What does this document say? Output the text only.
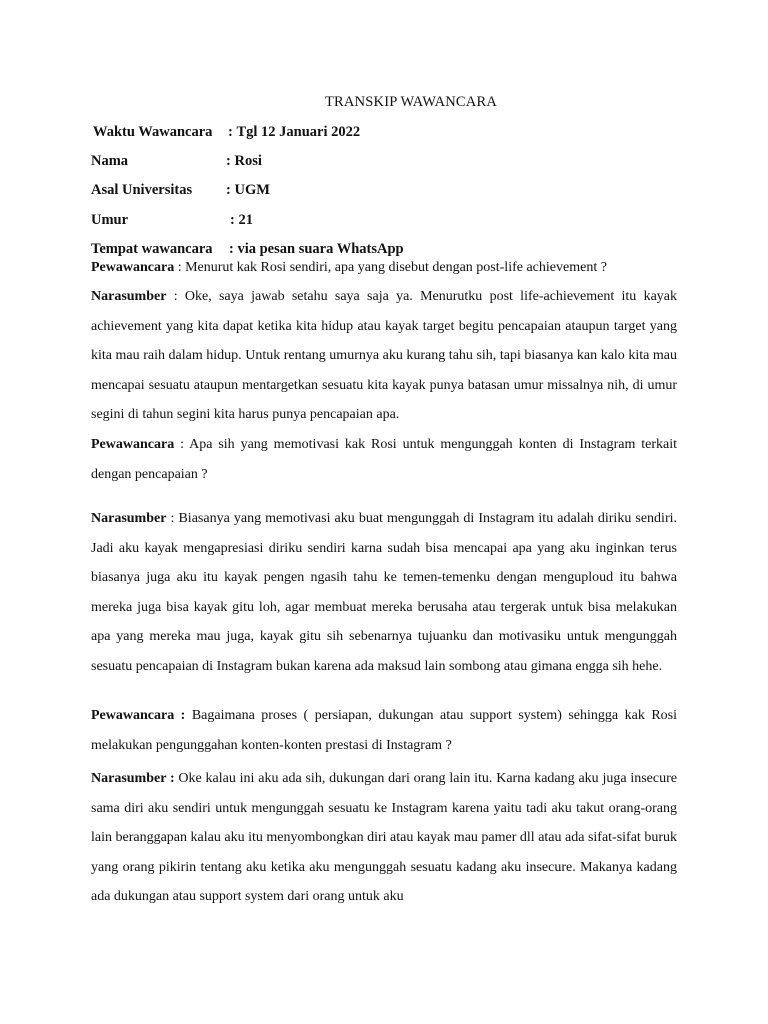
TRANSKIP WAWANCARA
Waktu Wawancara : Tgl 12 Januari 2022
Nama	: Rosi
Asal Universitas : UGM
Umur	: 21
Tempat wawancara : via pesan suara WhatsApp

Pewawancara : Menurut kak Rosi sendiri, apa yang disebut dengan post-life achievement ?

Narasumber : Oke, saya jawab setahu saya saja ya. Menurutku post life-achievement itu kayak achievement yang kita dapat ketika kita hidup atau kayak target begitu pencapaian ataupun target yang kita mau raih dalam hidup. Untuk rentang umurnya aku kurang tahu sih, tapi biasanya kan kalo kita mau mencapai sesuatu ataupun mentargetkan sesuatu kita kayak punya batasan umur missalnya nih, di umur segini di tahun segini kita harus punya pencapaian apa.

Pewawancara : Apa sih yang memotivasi kak Rosi untuk mengunggah konten di Instagram terkait dengan pencapaian ?

Narasumber : Biasanya yang memotivasi aku buat mengunggah di Instagram itu adalah diriku sendiri. Jadi aku kayak mengapresiasi diriku sendiri karna sudah bisa mencapai apa yang aku inginkan terus biasanya juga aku itu kayak pengen ngasih tahu ke temen-temenku dengan menguploud itu bahwa mereka juga bisa kayak gitu loh, agar membuat mereka berusaha atau tergerak untuk bisa melakukan apa yang mereka mau juga, kayak gitu sih sebenarnya tujuanku dan motivasiku untuk mengunggah sesuatu pencapaian di Instagram bukan karena ada maksud lain sombong atau gimana engga sih hehe.

Pewawancara : Bagaimana proses ( persiapan, dukungan atau support system) sehingga kak Rosi melakukan pengunggahan konten-konten prestasi di Instagram ?

Narasumber : Oke kalau ini aku ada sih, dukungan dari orang lain itu. Karna kadang aku juga insecure sama diri aku sendiri untuk mengunggah sesuatu ke Instagram karena yaitu tadi aku takut orang-orang lain beranggapan kalau aku itu menyombongkan diri atau kayak mau pamer dll atau ada sifat-sifat buruk yang orang pikirin tentang aku ketika aku mengunggah sesuatu kadang aku insecure. Makanya kadang ada dukungan atau support system dari orang untuk aku
